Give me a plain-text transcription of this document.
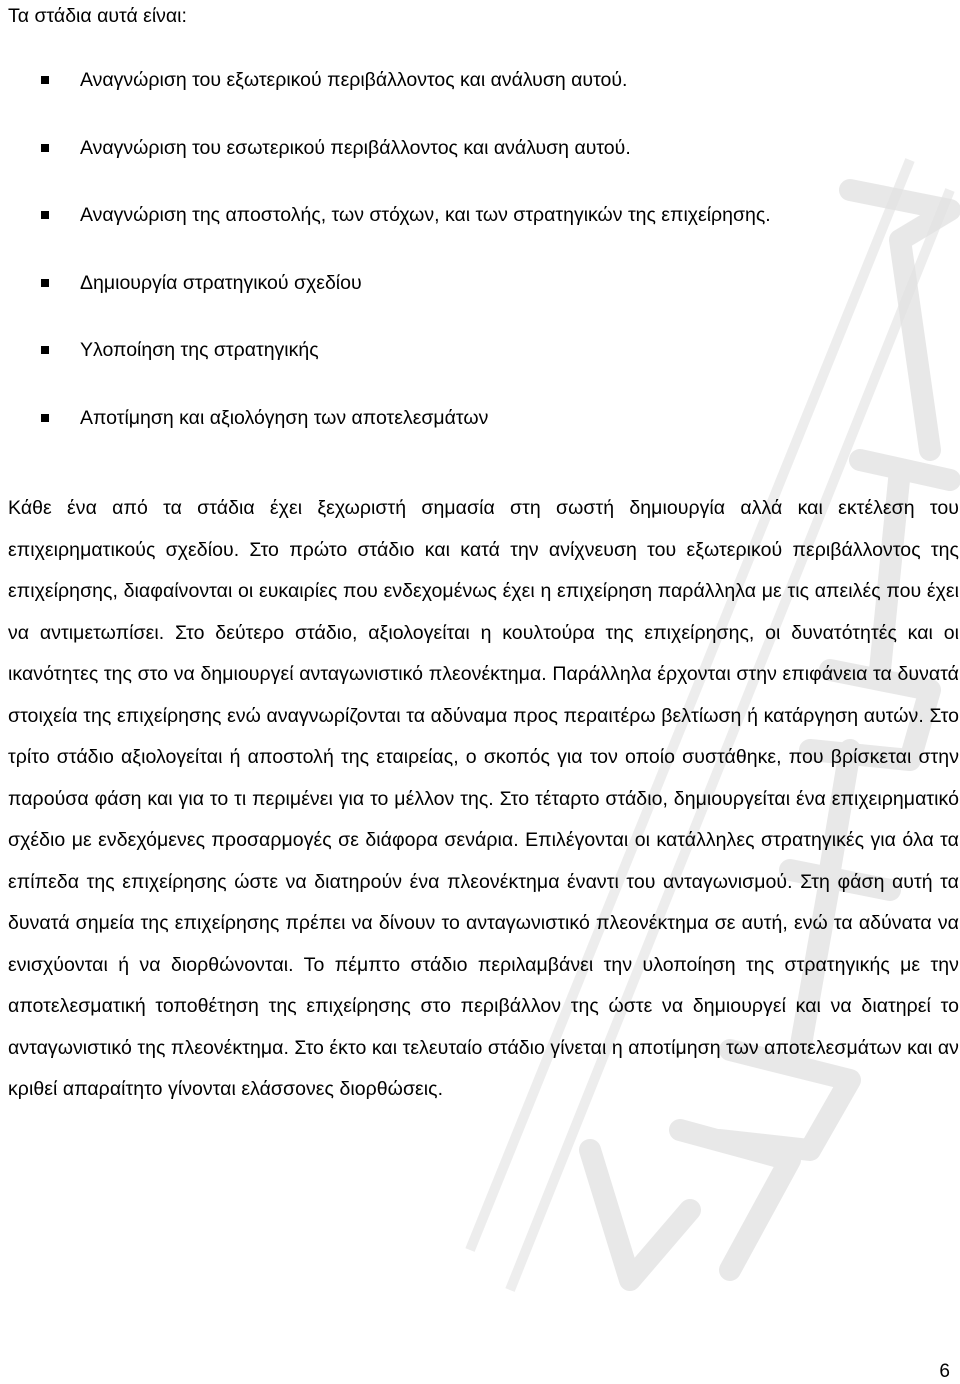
Τα στάδια αυτά είναι:

Αναγνώριση του εξωτερικού περιβάλλοντος και ανάλυση αυτού.
Αναγνώριση του εσωτερικού περιβάλλοντος και ανάλυση αυτού.
Αναγνώριση της αποστολής, των στόχων, και των στρατηγικών της επιχείρησης.
Δημιουργία στρατηγικού σχεδίου
Υλοποίηση της στρατηγικής
Αποτίμηση και αξιολόγηση των αποτελεσμάτων

Κάθε ένα από τα στάδια έχει ξεχωριστή σημασία στη σωστή δημιουργία αλλά και εκτέλεση του επιχειρηματικούς σχεδίου. Στο πρώτο στάδιο και κατά την ανίχνευση του εξωτερικού περιβάλλοντος της επιχείρησης, διαφαίνονται οι ευκαιρίες που ενδεχομένως έχει η επιχείρηση παράλληλα με τις απειλές που έχει να αντιμετωπίσει. Στο δεύτερο στάδιο, αξιολογείται η κουλτούρα της επιχείρησης, οι δυνατότητές και οι ικανότητες της στο να δημιουργεί ανταγωνιστικό πλεονέκτημα. Παράλληλα έρχονται στην επιφάνεια τα δυνατά στοιχεία της επιχείρησης ενώ αναγνωρίζονται τα αδύναμα προς περαιτέρω βελτίωση ή κατάργηση αυτών. Στο τρίτο στάδιο αξιολογείται ή αποστολή της εταιρείας, ο σκοπός για τον οποίο συστάθηκε, που βρίσκεται στην παρούσα φάση και για το τι περιμένει για το μέλλον της. Στο τέταρτο στάδιο, δημιουργείται ένα επιχειρηματικό σχέδιο με ενδεχόμενες προσαρμογές σε διάφορα σενάρια. Επιλέγονται οι κατάλληλες στρατηγικές για όλα τα επίπεδα της επιχείρησης ώστε να διατηρούν ένα πλεονέκτημα έναντι του ανταγωνισμού. Στη φάση αυτή τα δυνατά σημεία της επιχείρησης πρέπει να δίνουν το ανταγωνιστικό πλεονέκτημα σε αυτή, ενώ τα αδύνατα να ενισχύονται ή να διορθώνονται. Το πέμπτο στάδιο περιλαμβάνει την υλοποίηση της στρατηγικής με την αποτελεσματική τοποθέτηση της επιχείρησης στο περιβάλλον της ώστε να δημιουργεί και να διατηρεί το ανταγωνιστικό της πλεονέκτημα. Στο έκτο και τελευταίο στάδιο γίνεται η αποτίμηση των αποτελεσμάτων και αν κριθεί απαραίτητο γίνονται ελάσσονες διορθώσεις.

6
